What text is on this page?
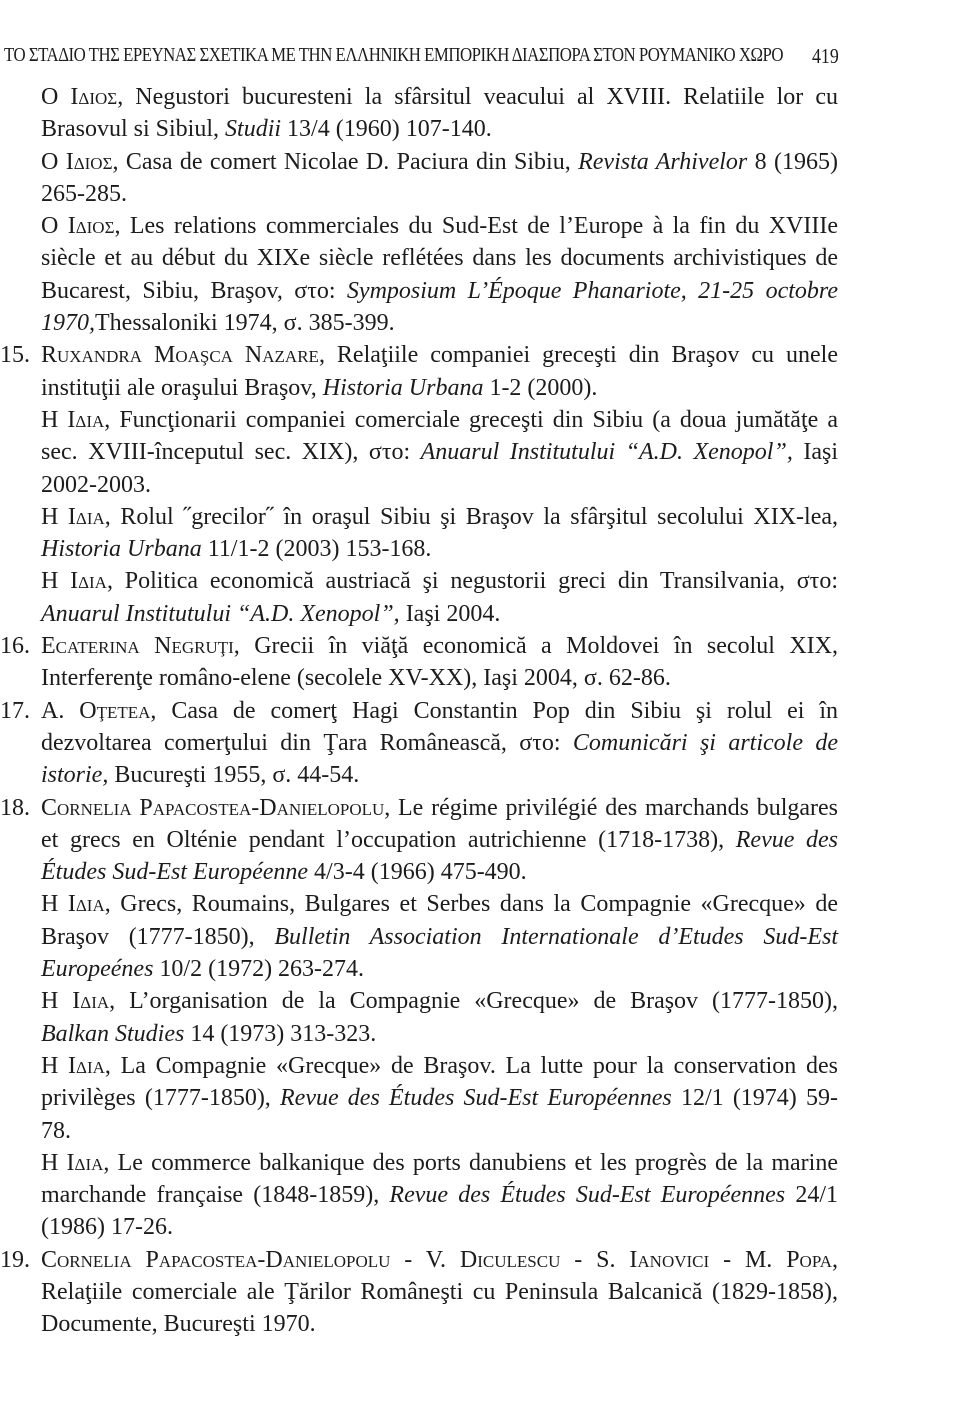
ΤΟ ΣΤΑΔΙΟ ΤΗΣ ΕΡΕΥΝΑΣ ΣΧΕΤΙΚΑ ΜΕ ΤΗΝ ΕΛΛΗΝΙΚΗ ΕΜΠΟΡΙΚΗ ΔΙΑΣΠΟΡΑ ΣΤΟΝ ΡΟΥΜΑΝΙΚΟ ΧΩΡΟ 419

Ο Ιδιος, Negustori bucuresteni la sfârsitul veacului al XVIII. Relatiile lor cu Brasovul si Sibiul, Studii 13/4 (1960) 107-140.

Ο Ιδιος, Casa de comert Nicolae D. Paciura din Sibiu, Revista Arhivelor 8 (1965) 265-285.

Ο Ιδιος, Les relations commerciales du Sud-Est de l’Europe à la fin du XVIIIe siècle et au début du XIXe siècle reflétées dans les documents archivistiques de Bucarest, Sibiu, Braşov, στο: Symposium L’Époque Phanariote, 21-25 octobre 1970,Thessaloniki 1974, σ. 385-399.

15. Ruxandra Moaşca Nazare, Relaţiile companiei greceşti din Braşov cu unele instituţii ale oraşului Braşov, Historia Urbana 1-2 (2000).

Η Ιδια, Funcţionarii companiei comerciale greceşti din Sibiu (a doua jumătăţe a sec. XVIII-începutul sec. XIX), στο: Anuarul Institutului “A.D. Xenopol”, Iaşi 2002-2003.

Η Ιδια, Rolul ˝grecilor˝ în oraşul Sibiu şi Braşov la sfârşitul secolului XIX-lea, Historia Urbana 11/1-2 (2003) 153-168.

Η Ιδια, Politica economică austriacă şi negustorii greci din Transilvania, στο: Anuarul Institutului “A.D. Xenopol”, Iaşi 2004.

16. Ecaterina Negruţi, Grecii în viăţă economică a Moldovei în secolul XIX, Interferenţe româno-elene (secolele XV-XX), Iaşi 2004, σ. 62-86.

17. A. Oţetea, Casa de comerţ Hagi Constantin Pop din Sibiu şi rolul ei în dezvoltarea comerţului din Ţara Românească, στο: Comunicări şi articole de istorie, Bucureşti 1955, σ. 44-54.

18. Cornelia Papacostea-Danielopolu, Le régime privilégié des marchands bulgares et grecs en Olténie pendant l’occupation autrichienne (1718-1738), Revue des Études Sud-Est Européenne 4/3-4 (1966) 475-490.

Η Ιδια, Grecs, Roumains, Bulgares et Serbes dans la Compagnie «Grecque» de Braşov (1777-1850), Bulletin Association Internationale d’Etudes Sud-Est Europeénes 10/2 (1972) 263-274.

Η Ιδια, L’organisation de la Compagnie «Grecque» de Braşov (1777-1850), Balkan Studies 14 (1973) 313-323.

Η Ιδια, La Compagnie «Grecque» de Braşov. La lutte pour la conservation des privilèges (1777-1850), Revue des Études Sud-Est Européennes 12/1 (1974) 59-78.

Η Ιδια, Le commerce balkanique des ports danubiens et les progrès de la marine marchande française (1848-1859), Revue des Études Sud-Est Européennes 24/1 (1986) 17-26.

19. Cornelia Papacostea-Danielopolu - V. Diculescu - S. Ianovici - M. Popa, Relaţiile comerciale ale Ţărilor Româneşti cu Peninsula Balcanică (1829-1858), Documente, Bucureşti 1970.
